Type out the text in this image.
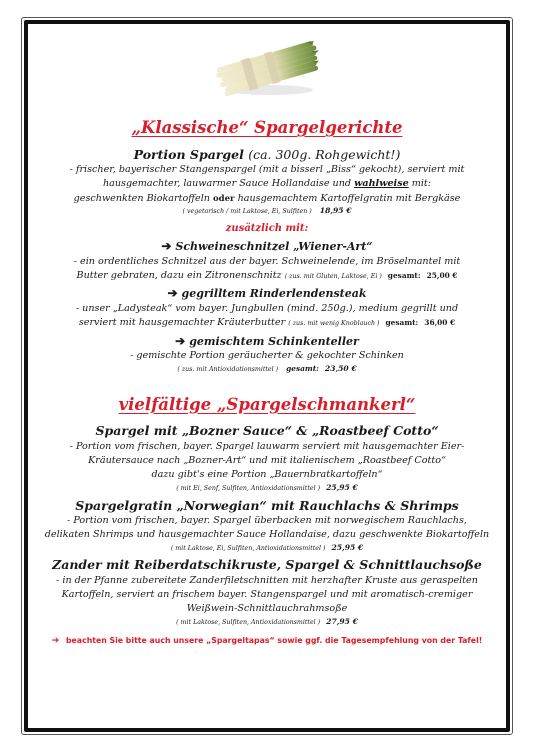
„Klassische“ Spargelgerichte

Portion Spargel (ca. 300g. Rohgewicht!)

- frischer, bayerischer Stangenspargel (mit a bisserl „Biss“ gekocht), serviert mit
hausgemachter, lauwarmer Sauce Hollandaise und wahlweise mit:
geschwenkten Biokartoffeln oder hausgemachtem Kartoffelgratin mit Bergkäse

( vegetarisch / mit Laktose, Ei, Sulfiten ) 18,95 €

zusätzlich mit:

➔ Schweineschnitzel „Wiener-Art“

- ein ordentliches Schnitzel aus der bayer. Schweinelende, im Bröselmantel mit
Butter gebraten, dazu ein Zitronenschnitz ( zus. mit Gluten, Laktose, Ei ) gesamt: 25,00 €

➔ gegrilltem Rinderlendensteak

- unser „Ladysteak“ vom bayer. Jungbullen (mind. 250g.), medium gegrillt und
serviert mit hausgemachter Kräuterbutter ( zus. mit wenig Knoblauch ) gesamt: 36,00 €

➔ gemischtem Schinkenteller

- gemischte Portion geräucherter & gekochter Schinken

( zus. mit Antioxidationsmittel ) gesamt: 23,50 €

vielfältige „Spargelschmankerl“

Spargel mit „Bozner Sauce“ & „Roastbeef Cotto“

- Portion vom frischen, bayer. Spargel lauwarm serviert mit hausgemachter Eier-
Kräutersauce nach „Bozner-Art“ und mit italienischem „Roastbeef Cotto“
dazu gibt's eine Portion „Bauernbratkartoffeln“

( mit Ei, Senf, Sulfiten, Antioxidationsmittel ) 25,95 €

Spargelgratin „Norwegian“ mit Rauchlachs & Shrimps

- Portion vom frischen, bayer. Spargel überbacken mit norwegischem Rauchlachs,
delikaten Shrimps und hausgemachter Sauce Hollandaise, dazu geschwenkte Biokartoffeln

( mit Laktose, Ei, Sulfiten, Antioxidationsmittel ) 25,95 €

Zander mit Reiberdatschikruste, Spargel & Schnittlauchsoße

- in der Pfanne zubereitete Zanderfiletschnitten mit herzhafter Kruste aus geraspelten
Kartoffeln, serviert an frischem bayer. Stangenspargel und mit aromatisch-cremiger
Weißwein-Schnittlauchrahmsoße

( mit Laktose, Sulfiten, Antioxidationsmittel ) 27,95 €

➔ beachten Sie bitte auch unsere „Spargeltapas“ sowie ggf. die Tagesempfehlung von der Tafel!
